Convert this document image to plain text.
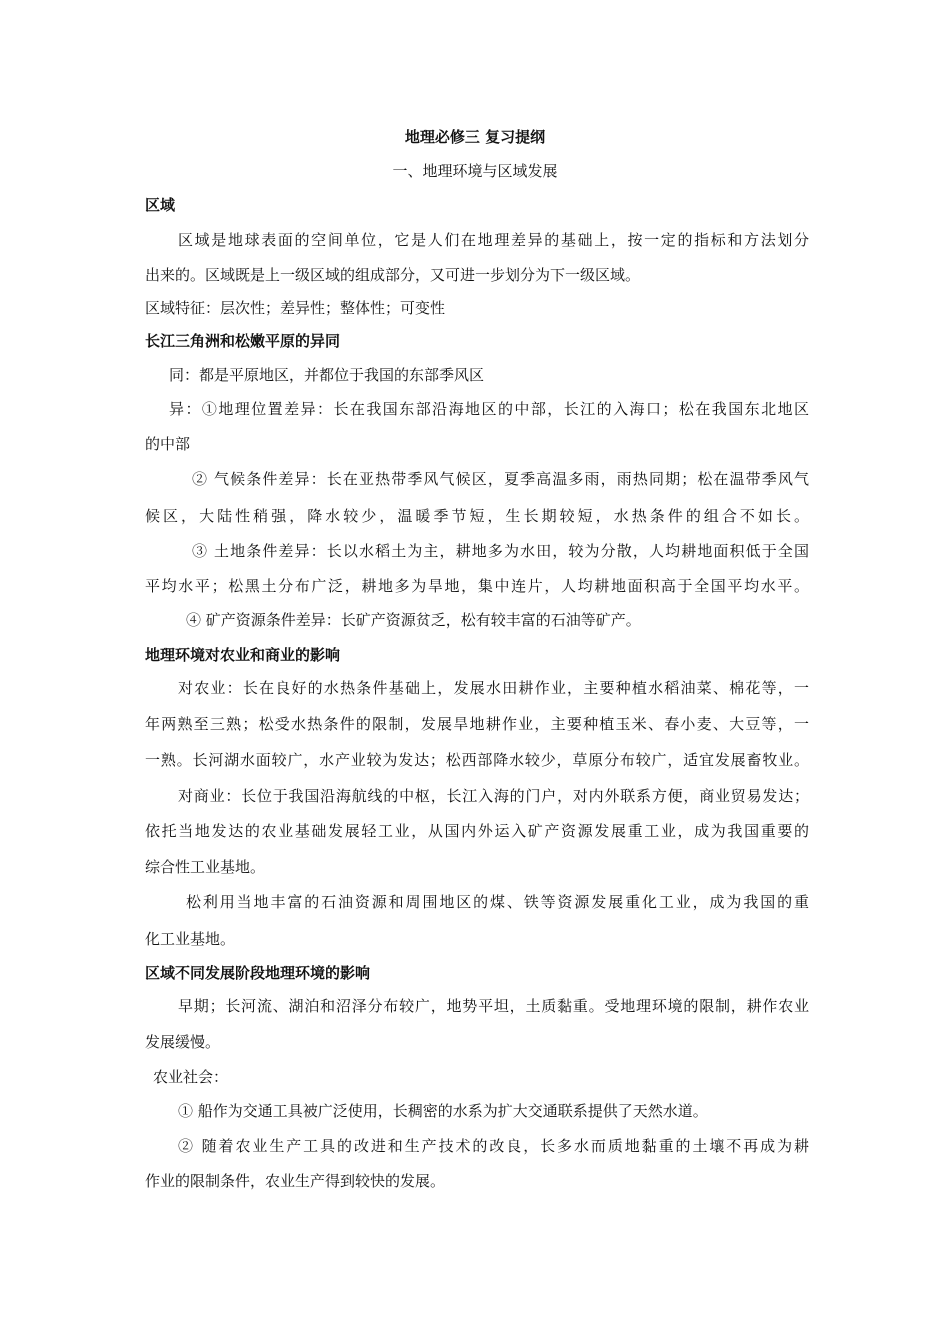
地理必修三 复习提纲
一、地理环境与区域发展
区域
区域是地球表面的空间单位，它是人们在地理差异的基础上，按一定的指标和方法划分
出来的。区域既是上一级区域的组成部分，又可进一步划分为下一级区域。
区域特征：层次性；差异性；整体性；可变性
长江三角洲和松嫩平原的异同
同：都是平原地区，并都位于我国的东部季风区
异：①地理位置差异：长在我国东部沿海地区的中部，长江的入海口；松在我国东北地区
的中部
② 气候条件差异：长在亚热带季风气候区，夏季高温多雨，雨热同期；松在温带季风气
候区，大陆性稍强，降水较少，温暖季节短，生长期较短，水热条件的组合不如长。
③ 土地条件差异：长以水稻土为主，耕地多为水田，较为分散，人均耕地面积低于全国
平均水平；松黑土分布广泛，耕地多为旱地，集中连片，人均耕地面积高于全国平均水平。
④ 矿产资源条件差异：长矿产资源贫乏，松有较丰富的石油等矿产。
地理环境对农业和商业的影响
对农业：长在良好的水热条件基础上，发展水田耕作业，主要种植水稻油菜、棉花等，一
年两熟至三熟；松受水热条件的限制，发展旱地耕作业，主要种植玉米、春小麦、大豆等，一
一熟。长河湖水面较广，水产业较为发达；松西部降水较少，草原分布较广，适宜发展畜牧业。
对商业：长位于我国沿海航线的中枢，长江入海的门户，对内外联系方便，商业贸易发达；
依托当地发达的农业基础发展轻工业，从国内外运入矿产资源发展重工业，成为我国重要的
综合性工业基地。
松利用当地丰富的石油资源和周围地区的煤、铁等资源发展重化工业，成为我国的重
化工业基地。
区域不同发展阶段地理环境的影响
早期；长河流、湖泊和沼泽分布较广，地势平坦，土质黏重。受地理环境的限制，耕作农业
发展缓慢。
农业社会：
① 船作为交通工具被广泛使用，长稠密的水系为扩大交通联系提供了天然水道。
② 随着农业生产工具的改进和生产技术的改良，长多水而质地黏重的土壤不再成为耕
作业的限制条件，农业生产得到较快的发展。
